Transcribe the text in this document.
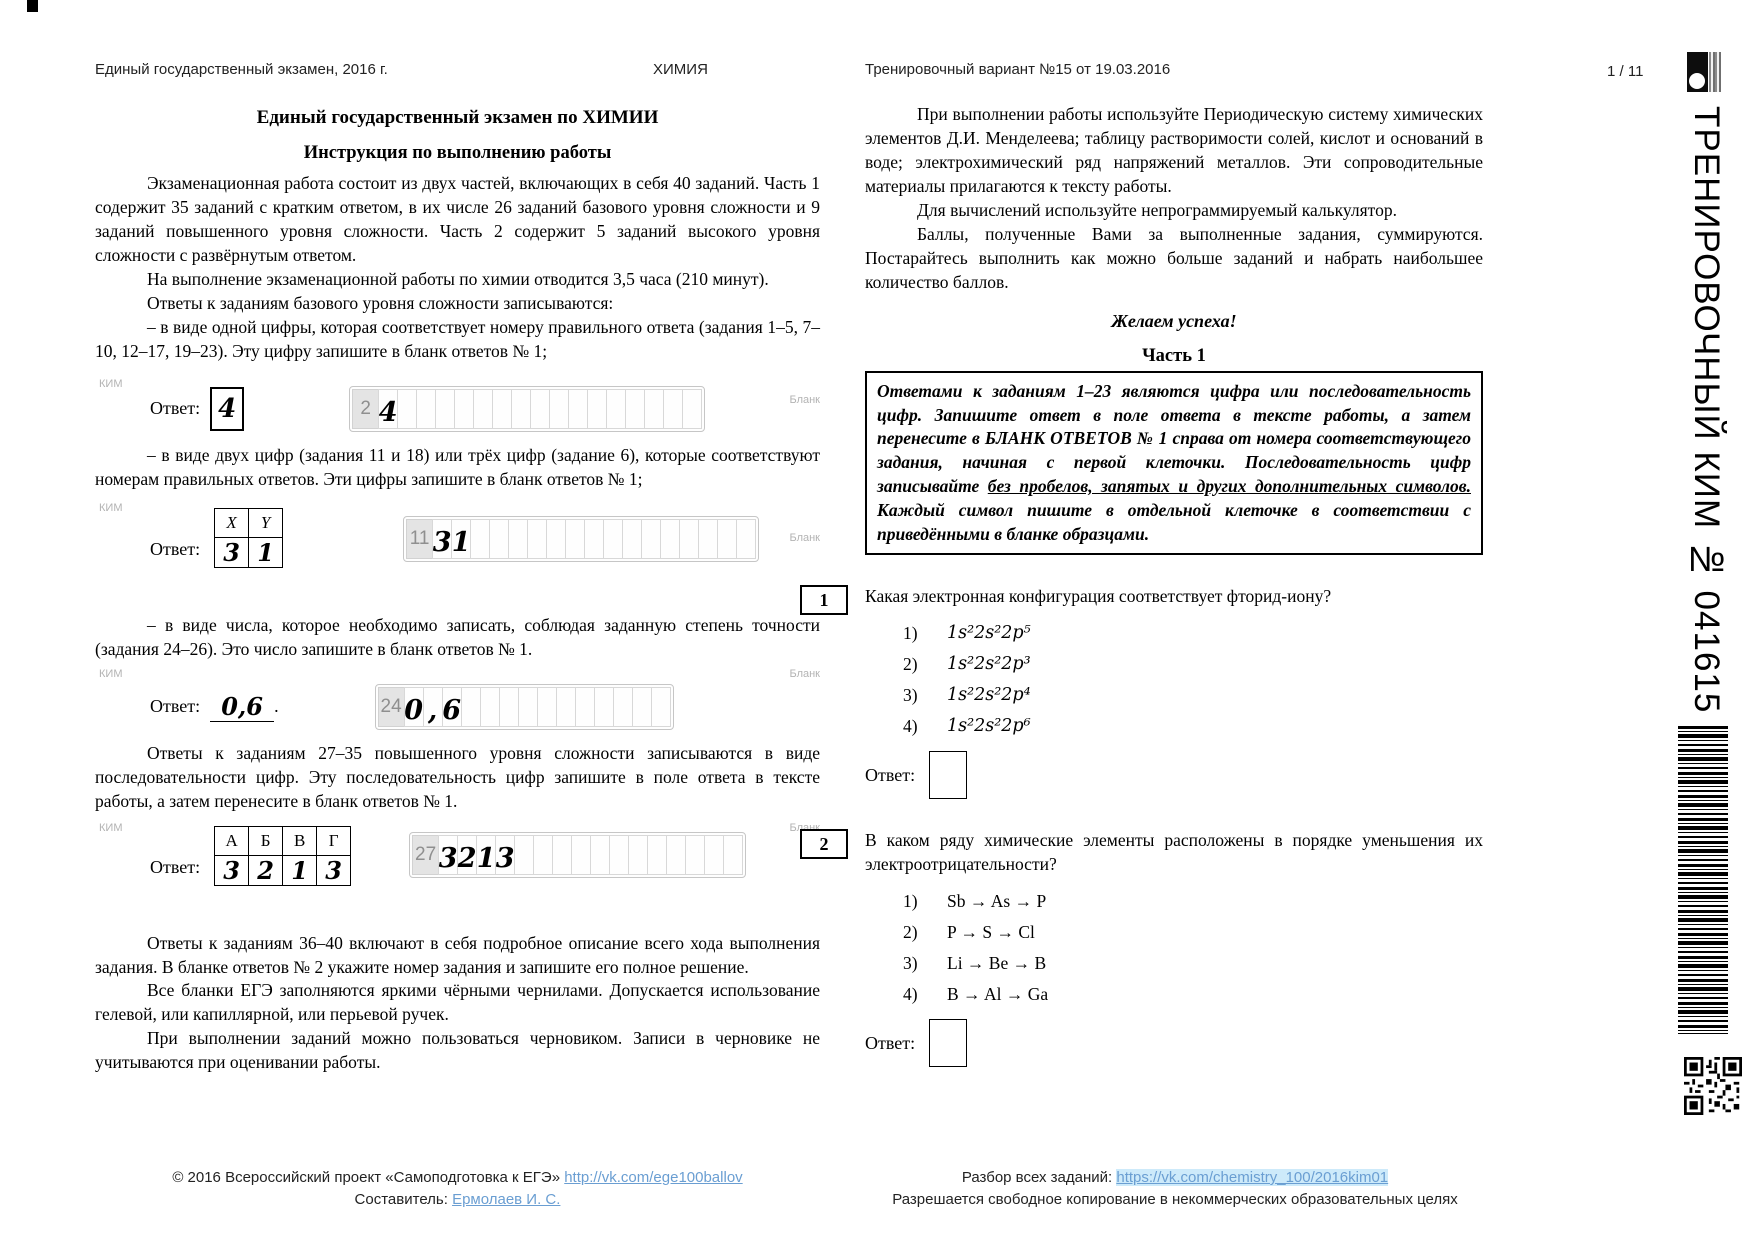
Единый государственный экзамен, 2016 г.	ХИМИЯ	Тренировочный вариант №15 от 19.03.2016	1 / 11
Единый государственный экзамен по ХИМИИ
Инструкция по выполнению работы

Экзаменационная работа состоит из двух частей, включающих в себя 40 заданий. Часть 1 содержит 35 заданий с кратким ответом, в их числе 26 заданий базового уровня сложности и 9 заданий повышенного уровня сложности. Часть 2 содержит 5 заданий высокого уровня сложности с развёрнутым ответом.

На выполнение экзаменационной работы по химии отводится 3,5 часа (210 минут).

Ответы к заданиям базового уровня сложности записываются:

– в виде одной цифры, которая соответствует номеру правильного ответа (задания 1–5, 7–10, 12–17, 19–23). Эту цифру запишите в бланк ответов № 1;

КИМ
Бланк
Ответ: 4	2 4

– в виде двух цифр (задания 11 и 18) или трёх цифр (задание 6), которые соответствуют номерам правильных ответов. Эти цифры запишите в бланк ответов № 1;

КИМ
Бланк
Ответ:
X	Y
3	1	11 3 1

– в виде числа, которое необходимо записать, соблюдая заданную степень точности (задания 24–26). Это число запишите в бланк ответов № 1.

КИМ	Бланк
Ответ: 0,6 .	24 0 , 6

Ответы к заданиям 27–35 повышенного уровня сложности записываются в виде последовательности цифр. Эту последовательность цифр запишите в поле ответа в тексте работы, а затем перенесите в бланк ответов № 1.

КИМ	Бланк
Ответ:
А	Б	В	Г
3	2	1	3
27 3 2 1 3

Ответы к заданиям 36–40 включают в себя подробное описание всего хода выполнения задания. В бланке ответов № 2 укажите номер задания и запишите его полное решение.

Все бланки ЕГЭ заполняются яркими чёрными чернилами. Допускается использование гелевой, или капиллярной, или перьевой ручек.

При выполнении заданий можно пользоваться черновиком. Записи в черновике не учитываются при оценивании работы.

При выполнении работы используйте Периодическую систему химических элементов Д.И. Менделеева; таблицу растворимости солей, кислот и оснований в воде; электрохимический ряд напряжений металлов. Эти сопроводительные материалы прилагаются к тексту работы.

Для вычислений используйте непрограммируемый калькулятор.

Баллы, полученные Вами за выполненные задания, суммируются. Постарайтесь выполнить как можно больше заданий и набрать наибольшее количество баллов.

Желаем успеха!
Часть 1
Ответами к заданиям 1–23 являются цифра или последовательность цифр. Запишите ответ в поле ответа в тексте работы, а затем перенесите в БЛАНК ОТВЕТОВ № 1 справа от номера соответствующего задания, начиная с первой клеточки. Последовательность цифр записывайте без пробелов, запятых и других дополнительных символов. Каждый символ пишите в отдельной клеточке в соответствии с приведёнными в бланке образцами.
1	Какая электронная конфигурация соответствует фторид-иону?

1)	1s²2s²2p⁵
2)	1s²2s²2p³
3)	1s²2s²2p⁴
4)	1s²2s²2p⁶
Ответ:
2	В каком ряду химические элементы расположены в порядке уменьшения их электроотрицательности?

1)	Sb → As → P
2)	P → S → Cl
3)	Li → Be → B
4)	B → Al → Ga
Ответ:
© 2016 Всероссийский проект «Самоподготовка к ЕГЭ» http://vk.com/ege100ballov
Составитель: Ермолаев И. С.
Разбор всех заданий: https://vk.com/chemistry_100/2016kim01
Разрешается свободное копирование в некоммерческих образовательных целях
ТРЕНИРОВОЧНЫЙ КИМ № 041615
